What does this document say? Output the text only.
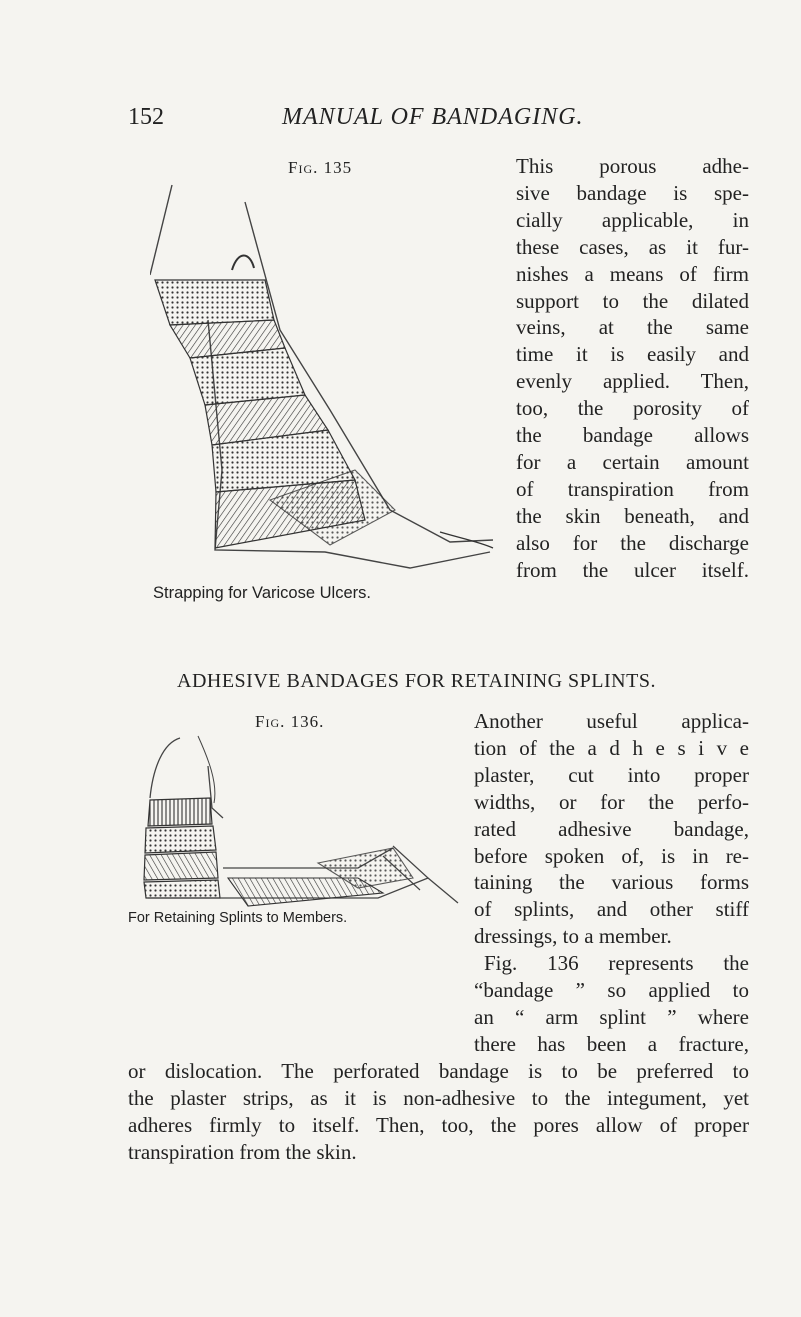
152	MANUAL OF BANDAGING.
Fig. 135
Strapping for Varicose Ulcers.
This porous adhe-
sive bandage is spe-
cially applicable, in
these cases, as it fur-
nishes a means of firm
support to the dilated
veins, at the same
time it is easily and
evenly applied. Then,
too, the porosity of
the bandage allows
for a certain amount
of transpiration from
the skin beneath, and
also for the discharge
from the ulcer itself.
ADHESIVE BANDAGES FOR RETAINING SPLINTS.
Fig. 136.
For Retaining Splints to Members.
Another useful applica-
tion of the a d h e s i v e
plaster, cut into proper
widths, or for the perfo-
rated adhesive bandage,
before spoken of, is in re-
taining the various forms
of splints, and other stiff
dressings, to a member.
Fig. 136 represents the
“bandage ” so applied to
an “ arm splint ” where
there has been a fracture,
or dislocation. The perforated bandage is to be preferred to
the plaster strips, as it is non-adhesive to the integument, yet
adheres firmly to itself. Then, too, the pores allow of proper
transpiration from the skin.
